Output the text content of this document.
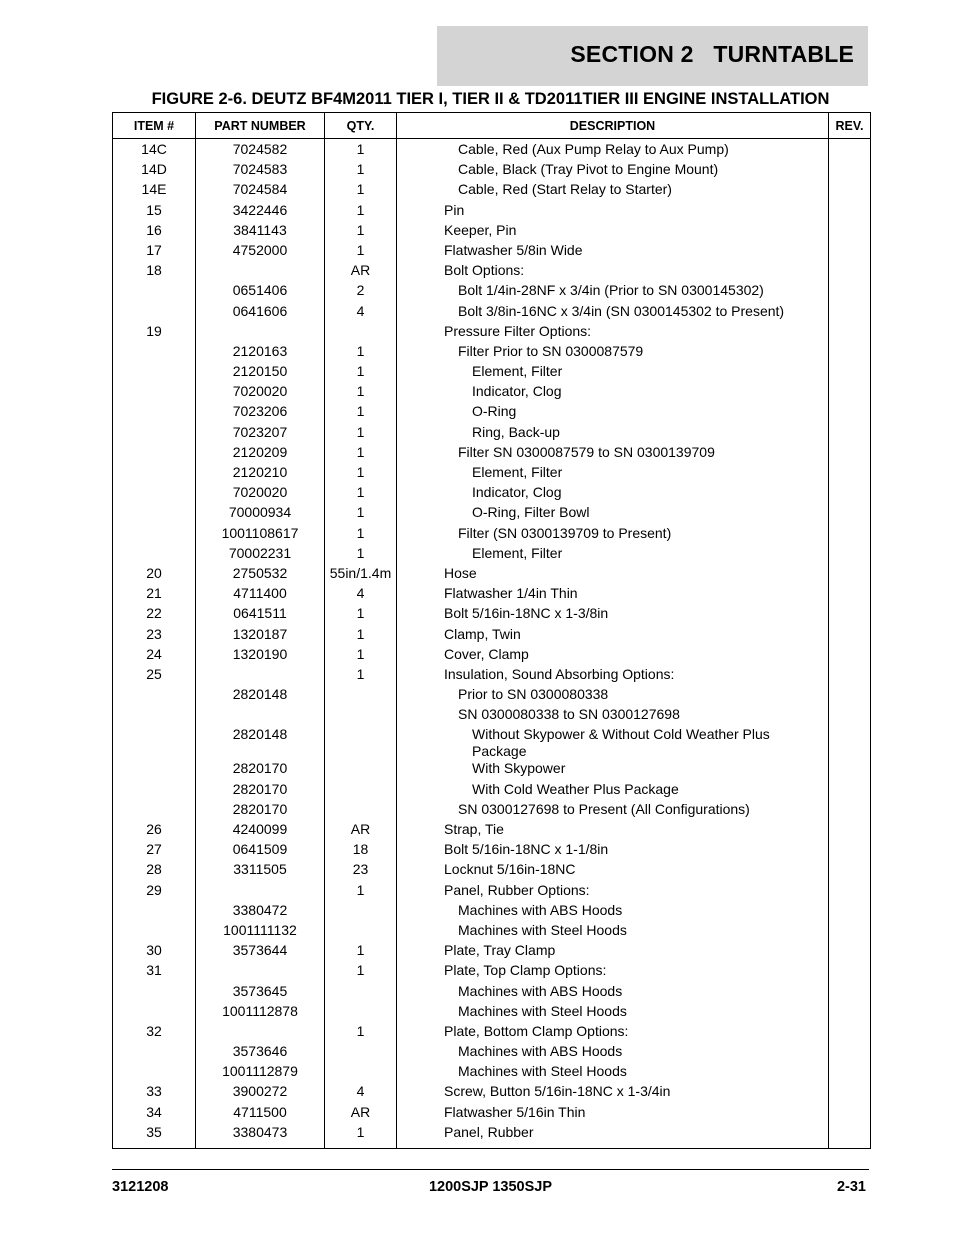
SECTION 2   TURNTABLE
FIGURE 2-6. DEUTZ BF4M2011 TIER I, TIER II & TD2011TIER III ENGINE INSTALLATION
ITEM #	PART NUMBER	QTY.	DESCRIPTION	REV.
14C	7024582	1	Cable, Red (Aux Pump Relay to Aux Pump)	
14D	7024583	1	Cable, Black (Tray Pivot to Engine Mount)	
14E	7024584	1	Cable, Red (Start Relay to Starter)	
15	3422446	1	Pin	
16	3841143	1	Keeper, Pin	
17	4752000	1	Flatwasher 5/8in Wide	
18		AR	Bolt Options:	
	0651406	2	Bolt 1/4in-28NF x 3/4in (Prior to SN 0300145302)	
	0641606	4	Bolt 3/8in-16NC x 3/4in (SN 0300145302 to Present)	
19			Pressure Filter Options:	
	2120163	1	Filter Prior to SN 0300087579	
	2120150	1	Element, Filter	
	7020020	1	Indicator, Clog	
	7023206	1	O-Ring	
	7023207	1	Ring, Back-up	
	2120209	1	Filter SN 0300087579 to SN 0300139709	
	2120210	1	Element, Filter	
	7020020	1	Indicator, Clog	
	70000934	1	O-Ring, Filter Bowl	
	1001108617	1	Filter (SN 0300139709 to Present)	
	70002231	1	Element, Filter	
20	2750532	55in/1.4m	Hose	
21	4711400	4	Flatwasher 1/4in Thin	
22	0641511	1	Bolt 5/16in-18NC x 1-3/8in	
23	1320187	1	Clamp, Twin	
24	1320190	1	Cover, Clamp	
25		1	Insulation, Sound Absorbing Options:	
	2820148		Prior to SN 0300080338	
			SN 0300080338 to SN 0300127698	
	2820148		Without Skypower & Without Cold Weather Plus Package	
	2820170		With Skypower	
	2820170		With Cold Weather Plus Package	
	2820170		SN 0300127698 to Present (All Configurations)	
26	4240099	AR	Strap, Tie	
27	0641509	18	Bolt 5/16in-18NC x 1-1/8in	
28	3311505	23	Locknut 5/16in-18NC	
29		1	Panel, Rubber Options:	
	3380472		Machines with ABS Hoods	
	1001111132		Machines with Steel Hoods	
30	3573644	1	Plate, Tray Clamp	
31		1	Plate, Top Clamp Options:	
	3573645		Machines with ABS Hoods	
	1001112878		Machines with Steel Hoods	
32		1	Plate, Bottom Clamp Options:	
	3573646		Machines with ABS Hoods	
	1001112879		Machines with Steel Hoods	
33	3900272	4	Screw, Button 5/16in-18NC x 1-3/4in	
34	4711500	AR	Flatwasher 5/16in Thin	
35	3380473	1	Panel, Rubber	
3121208	1200SJP 1350SJP	2-31
